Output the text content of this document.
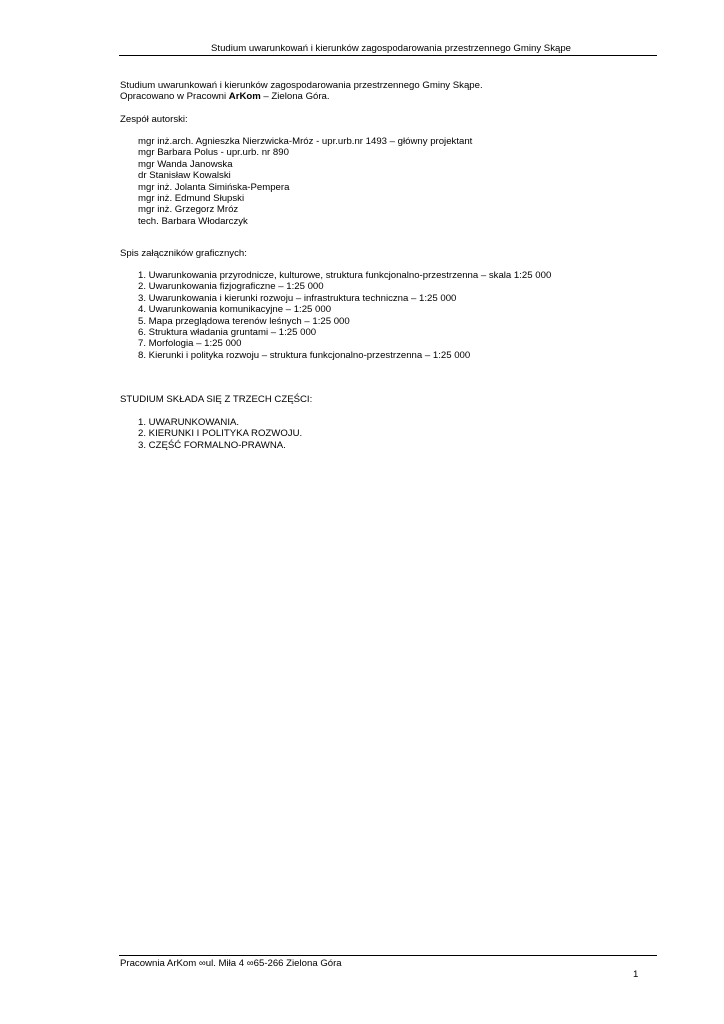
Studium uwarunkowań i kierunków zagospodarowania przestrzennego Gminy Skąpe
Studium uwarunkowań i kierunków zagospodarowania przestrzennego Gminy Skąpe.
Opracowano w Pracowni ArKom – Zielona Góra.
Zespół autorski:
mgr inż.arch. Agnieszka Nierzwicka-Mróz - upr.urb.nr 1493 – główny projektant
mgr Barbara Polus - upr.urb. nr 890
mgr Wanda Janowska
dr Stanisław Kowalski
mgr inż. Jolanta Simińska-Pempera
mgr inż. Edmund Słupski
mgr inż. Grzegorz Mróz
tech. Barbara Włodarczyk
Spis załączników graficznych:
1. Uwarunkowania przyrodnicze, kulturowe, struktura funkcjonalno-przestrzenna – skala 1:25 000
2. Uwarunkowania fizjograficzne – 1:25 000
3. Uwarunkowania i kierunki rozwoju – infrastruktura techniczna – 1:25 000
4. Uwarunkowania komunikacyjne – 1:25 000
5. Mapa przeglądowa terenów leśnych – 1:25 000
6. Struktura władania gruntami – 1:25 000
7. Morfologia – 1:25 000
8. Kierunki i polityka rozwoju – struktura funkcjonalno-przestrzenna – 1:25 000
STUDIUM SKŁADA SIĘ Z TRZECH CZĘŚCI:
1. UWARUNKOWANIA.
2. KIERUNKI I POLITYKA ROZWOJU.
3. CZĘŚĆ FORMALNO-PRAWNA.
Pracownia ArKom ∞ul. Miła 4 ∞65-266 Zielona Góra
1
